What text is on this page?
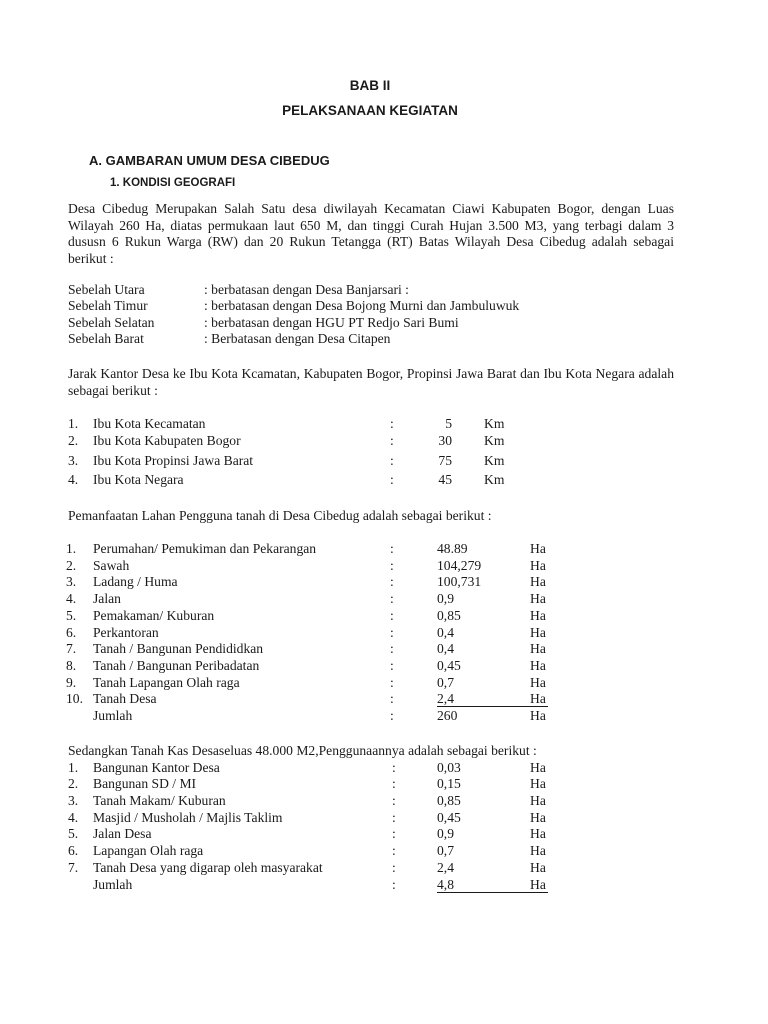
BAB II
PELAKSANAAN KEGIATAN
A. GAMBARAN UMUM DESA CIBEDUG
1. KONDISI GEOGRAFI
Desa Cibedug Merupakan Salah Satu desa diwilayah Kecamatan Ciawi Kabupaten Bogor, dengan Luas Wilayah 260 Ha, diatas permukaan laut 650 M, dan tinggi Curah Hujan 3.500 M3, yang terbagi dalam 3 dususn 6 Rukun Warga (RW) dan 20 Rukun Tetangga (RT) Batas Wilayah Desa Cibedug adalah sebagai berikut :
Sebelah Utara	: berbatasan dengan Desa Banjarsari :
Sebelah Timur	: berbatasan dengan Desa Bojong Murni dan Jambuluwuk
Sebelah Selatan	: berbatasan dengan HGU PT Redjo Sari Bumi
Sebelah Barat	: Berbatasan dengan Desa Citapen
Jarak Kantor Desa ke Ibu Kota Kcamatan, Kabupaten Bogor, Propinsi Jawa Barat dan Ibu Kota Negara adalah sebagai berikut :
1. Ibu Kota Kecamatan	:	5 Km
2. Ibu Kota Kabupaten Bogor	:	30 Km
3. Ibu Kota Propinsi Jawa Barat	:	75 Km
4. Ibu Kota Negara	:	45 Km
Pemanfaatan Lahan Pengguna tanah di Desa Cibedug adalah sebagai berikut :
1. Perumahan/ Pemukiman dan Pekarangan	:	48.89	Ha
2. Sawah	:	104,279	Ha
3. Ladang / Huma	:	100,731	Ha
4. Jalan	:	0,9	Ha
5. Pemakaman/ Kuburan	:	0,85	Ha
6. Perkantoran	:	0,4	Ha
7. Tanah / Bangunan Pendididkan	:	0,4	Ha
8. Tanah / Bangunan Peribadatan	:	0,45	Ha
9. Tanah Lapangan Olah raga	:	0,7	Ha
10. Tanah Desa	:	2,4	Ha
Jumlah	:	260	Ha
Sedangkan Tanah Kas Desaseluas 48.000 M2,Penggunaannya adalah sebagai berikut :
1. Bangunan Kantor Desa	:	0,03	Ha
2. Bangunan SD / MI	:	0,15	Ha
3. Tanah Makam/ Kuburan	:	0,85	Ha
4. Masjid / Musholah / Majlis Taklim	:	0,45	Ha
5. Jalan Desa	:	0,9	Ha
6. Lapangan Olah raga	:	0,7	Ha
7. Tanah Desa yang digarap oleh masyarakat	:	2,4	Ha
Jumlah	:	4,8	Ha
